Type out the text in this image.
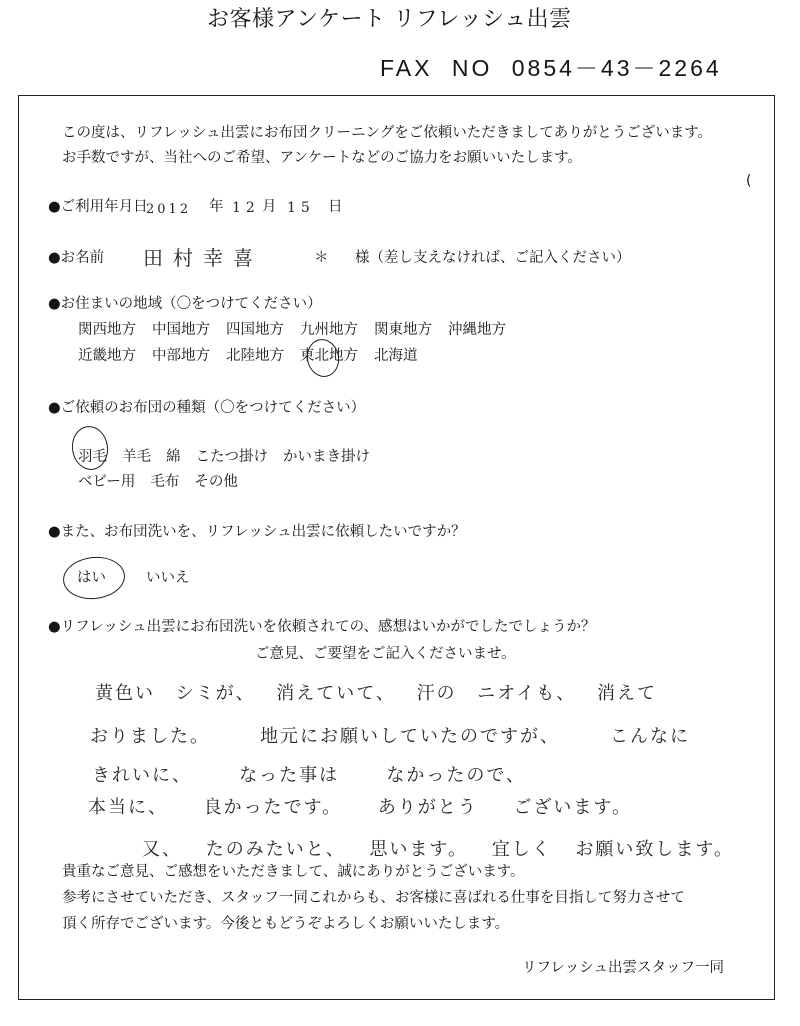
お客様アンケート リフレッシュ出雲
FAX NO 0854－43－2264
この度は、リフレッシュ出雲にお布団クリーニングをご依頼いただきましてありがとうございます。
お手数ですが、当社へのご希望、アンケートなどのご協力をお願いいたします。
(
●ご利用年月日
2012 年 12 月 15 日
●お名前 田村幸喜	＊ 様（差し支えなければ、ご記入ください）
●お住まいの地域（〇をつけてください）
関西地方 中国地方 四国地方 九州地方 関東地方 沖縄地方
近畿地方 中部地方 北陸地方 東北地方 北海道
●ご依頼のお布団の種類（〇をつけてください）
羽毛 羊毛 綿 こたつ掛け かいまき掛け
ベビー用 毛布 その他
●また、お布団洗いを、リフレッシュ出雲に依頼したいですか？
はい	いいえ
●リフレッシュ出雲にお布団洗いを依頼されての、感想はいかがでしたでしょうか？
ご意見、ご要望をご記入くださいませ。
黄色い シミが、 消えていて、 汗の ニオイも、 消えて
おりました。	地元にお願いしていたのですが、	こんなに
きれいに、	なった事は	なかったので、
本当に、 良かったです。 ありがとう ございます。
又、 たのみたいと、 思います。 宜しく お願い致します。
貴重なご意見、ご感想をいただきまして、誠にありがとうございます。
参考にさせていただき、スタッフ一同これからも、お客様に喜ばれる仕事を目指して努力させて
頂く所存でございます。今後ともどうぞよろしくお願いいたします。
リフレッシュ出雲スタッフ一同
